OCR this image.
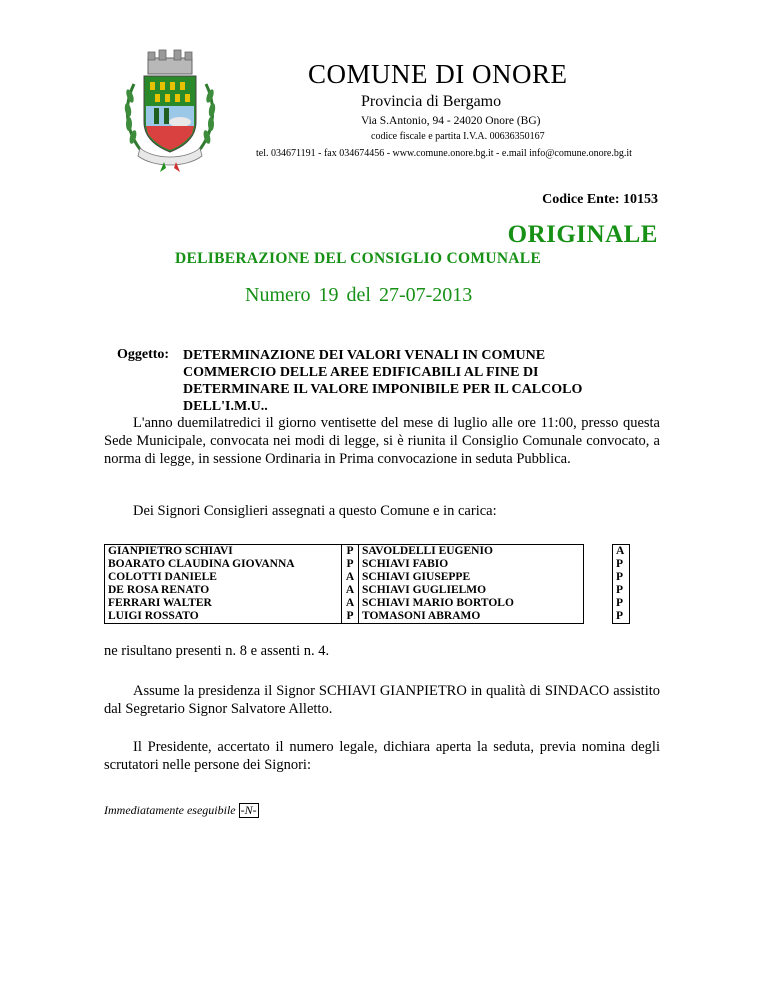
COMUNE DI ONORE
Provincia di Bergamo
Via S.Antonio, 94 - 24020 Onore (BG)
codice fiscale e partita I.V.A. 00636350167
tel. 034671191 - fax 034674456 - www.comune.onore.bg.it - e.mail info@comune.onore.bg.it
Codice Ente: 10153
ORIGINALE
DELIBERAZIONE DEL CONSIGLIO COMUNALE
Numero 19 del 27-07-2013
Oggetto: DETERMINAZIONE DEI VALORI VENALI IN COMUNE COMMERCIO DELLE AREE EDIFICABILI AL FINE DI DETERMINARE IL VALORE IMPONIBILE PER IL CALCOLO DELL'I.M.U..
L'anno duemilatredici il giorno ventisette del mese di luglio alle ore 11:00, presso questa Sede Municipale, convocata nei modi di legge, si è riunita il Consiglio Comunale convocato, a norma di legge, in sessione Ordinaria in Prima convocazione in seduta Pubblica.
Dei Signori Consiglieri assegnati a questo Comune e in carica:
GIANPIETRO SCHIAVI	P	SAVOLDELLI EUGENIO		A
BOARATO CLAUDINA GIOVANNA	P	SCHIAVI FABIO		P
COLOTTI DANIELE	A	SCHIAVI GIUSEPPE		P
DE ROSA RENATO	A	SCHIAVI GUGLIELMO		P
FERRARI WALTER	A	SCHIAVI MARIO BORTOLO		P
LUIGI ROSSATO	P	TOMASONI ABRAMO		P
ne risultano presenti n. 8 e assenti n. 4.
Assume la presidenza il Signor SCHIAVI GIANPIETRO in qualità di SINDACO assistito dal Segretario Signor Salvatore Alletto.
Il Presidente, accertato il numero legale, dichiara aperta la seduta, previa nomina degli scrutatori nelle persone dei Signori:
Immediatamente eseguibile -N-
